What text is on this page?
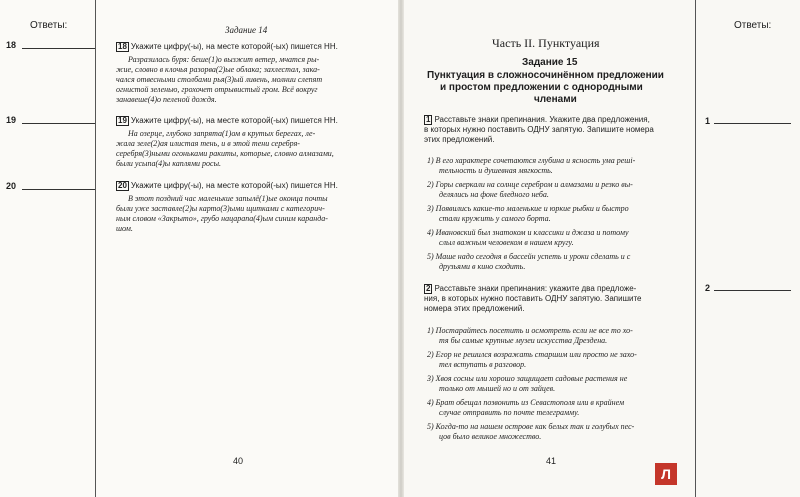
Ответы:
18
19
20
Задание 14
18 Укажите цифру(-ы), на месте которой(-ых) пишется НН.
Разразилась буря: беше(1)о вызжит ветер, мчатся ры-
жие, словно в клочья разорва(2)ые облака; захлестал, зака-
чался отвесными столбами рья(3)ый ливень, молнии слепят
огнистой зеленью, грохочет отрывистый гром. Всё вокруг
занавеше(4)о пеленой дождя.
19 Укажите цифру(-ы), на месте которой(-ых) пишется НН.
На озерце, глубоко запрята(1)ом в крутых берегах, ле-
жала зеле(2)ая илистая тень, и в этой тени серебря-
серебря(3)ными огоньками ракиты, которые, словно алмазами,
были усыпа(4)ы каплями росы.
20 Укажите цифру(-ы), на месте которой(-ых) пишется НН.
В этот поздний час маленькие запылё(1)ые оконца почты
были уже заставле(2)ы карто(3)ыми щитками с категорич-
ным словом «Закрыто», грубо нацарапа(4)ым синим каранда-
шом.
40
Ответы:
1
2
Часть II. Пунктуация
Задание 15
Пунктуация в сложносочинённом предложении
и простом предложении с однородными
членами
1 Расставьте знаки препинания. Укажите два предложения,
в которых нужно поставить ОДНУ запятую. Запишите номера
этих предложений.
1) В его характере сочетаются глубина и ясность ума решi-
тельность и душевная мягкость.
2) Горы сверкали на солнце серебром и алмазами и резко вы-
делялись на фоне бледного неба.
3) Появились какие-то маленькие и юркие рыбки и быстро
стали кружить у самого борта.
4) Ивановский был знатоком и классики и джаза и потому
слыл важным человеком в нашем кругу.
5) Маше надо сегодня в бассейн успеть и уроки сделать и с
друзьями в кино сходить.
2 Расставьте знаки препинания: укажите два предложе-
ния, в которых нужно поставить ОДНУ запятую. Запишите
номера этих предложений.
1) Постарайтесь посетить и осмотреть если не все то хо-
тя бы самые крупные музеи искусства Дрездена.
2) Егор не решился возражать старшим или просто не захо-
тел вступать в разговор.
3) Хвоя сосны или хорошо защищает садовые растения не
только от мышей но и от зайцев.
4) Брат обещал позвонить из Севастополя или в крайнем
случае отправить по почте телеграмму.
5) Когда-то на нашем острове как белых так и голубых пес-
цов было великое множество.
41
Л
